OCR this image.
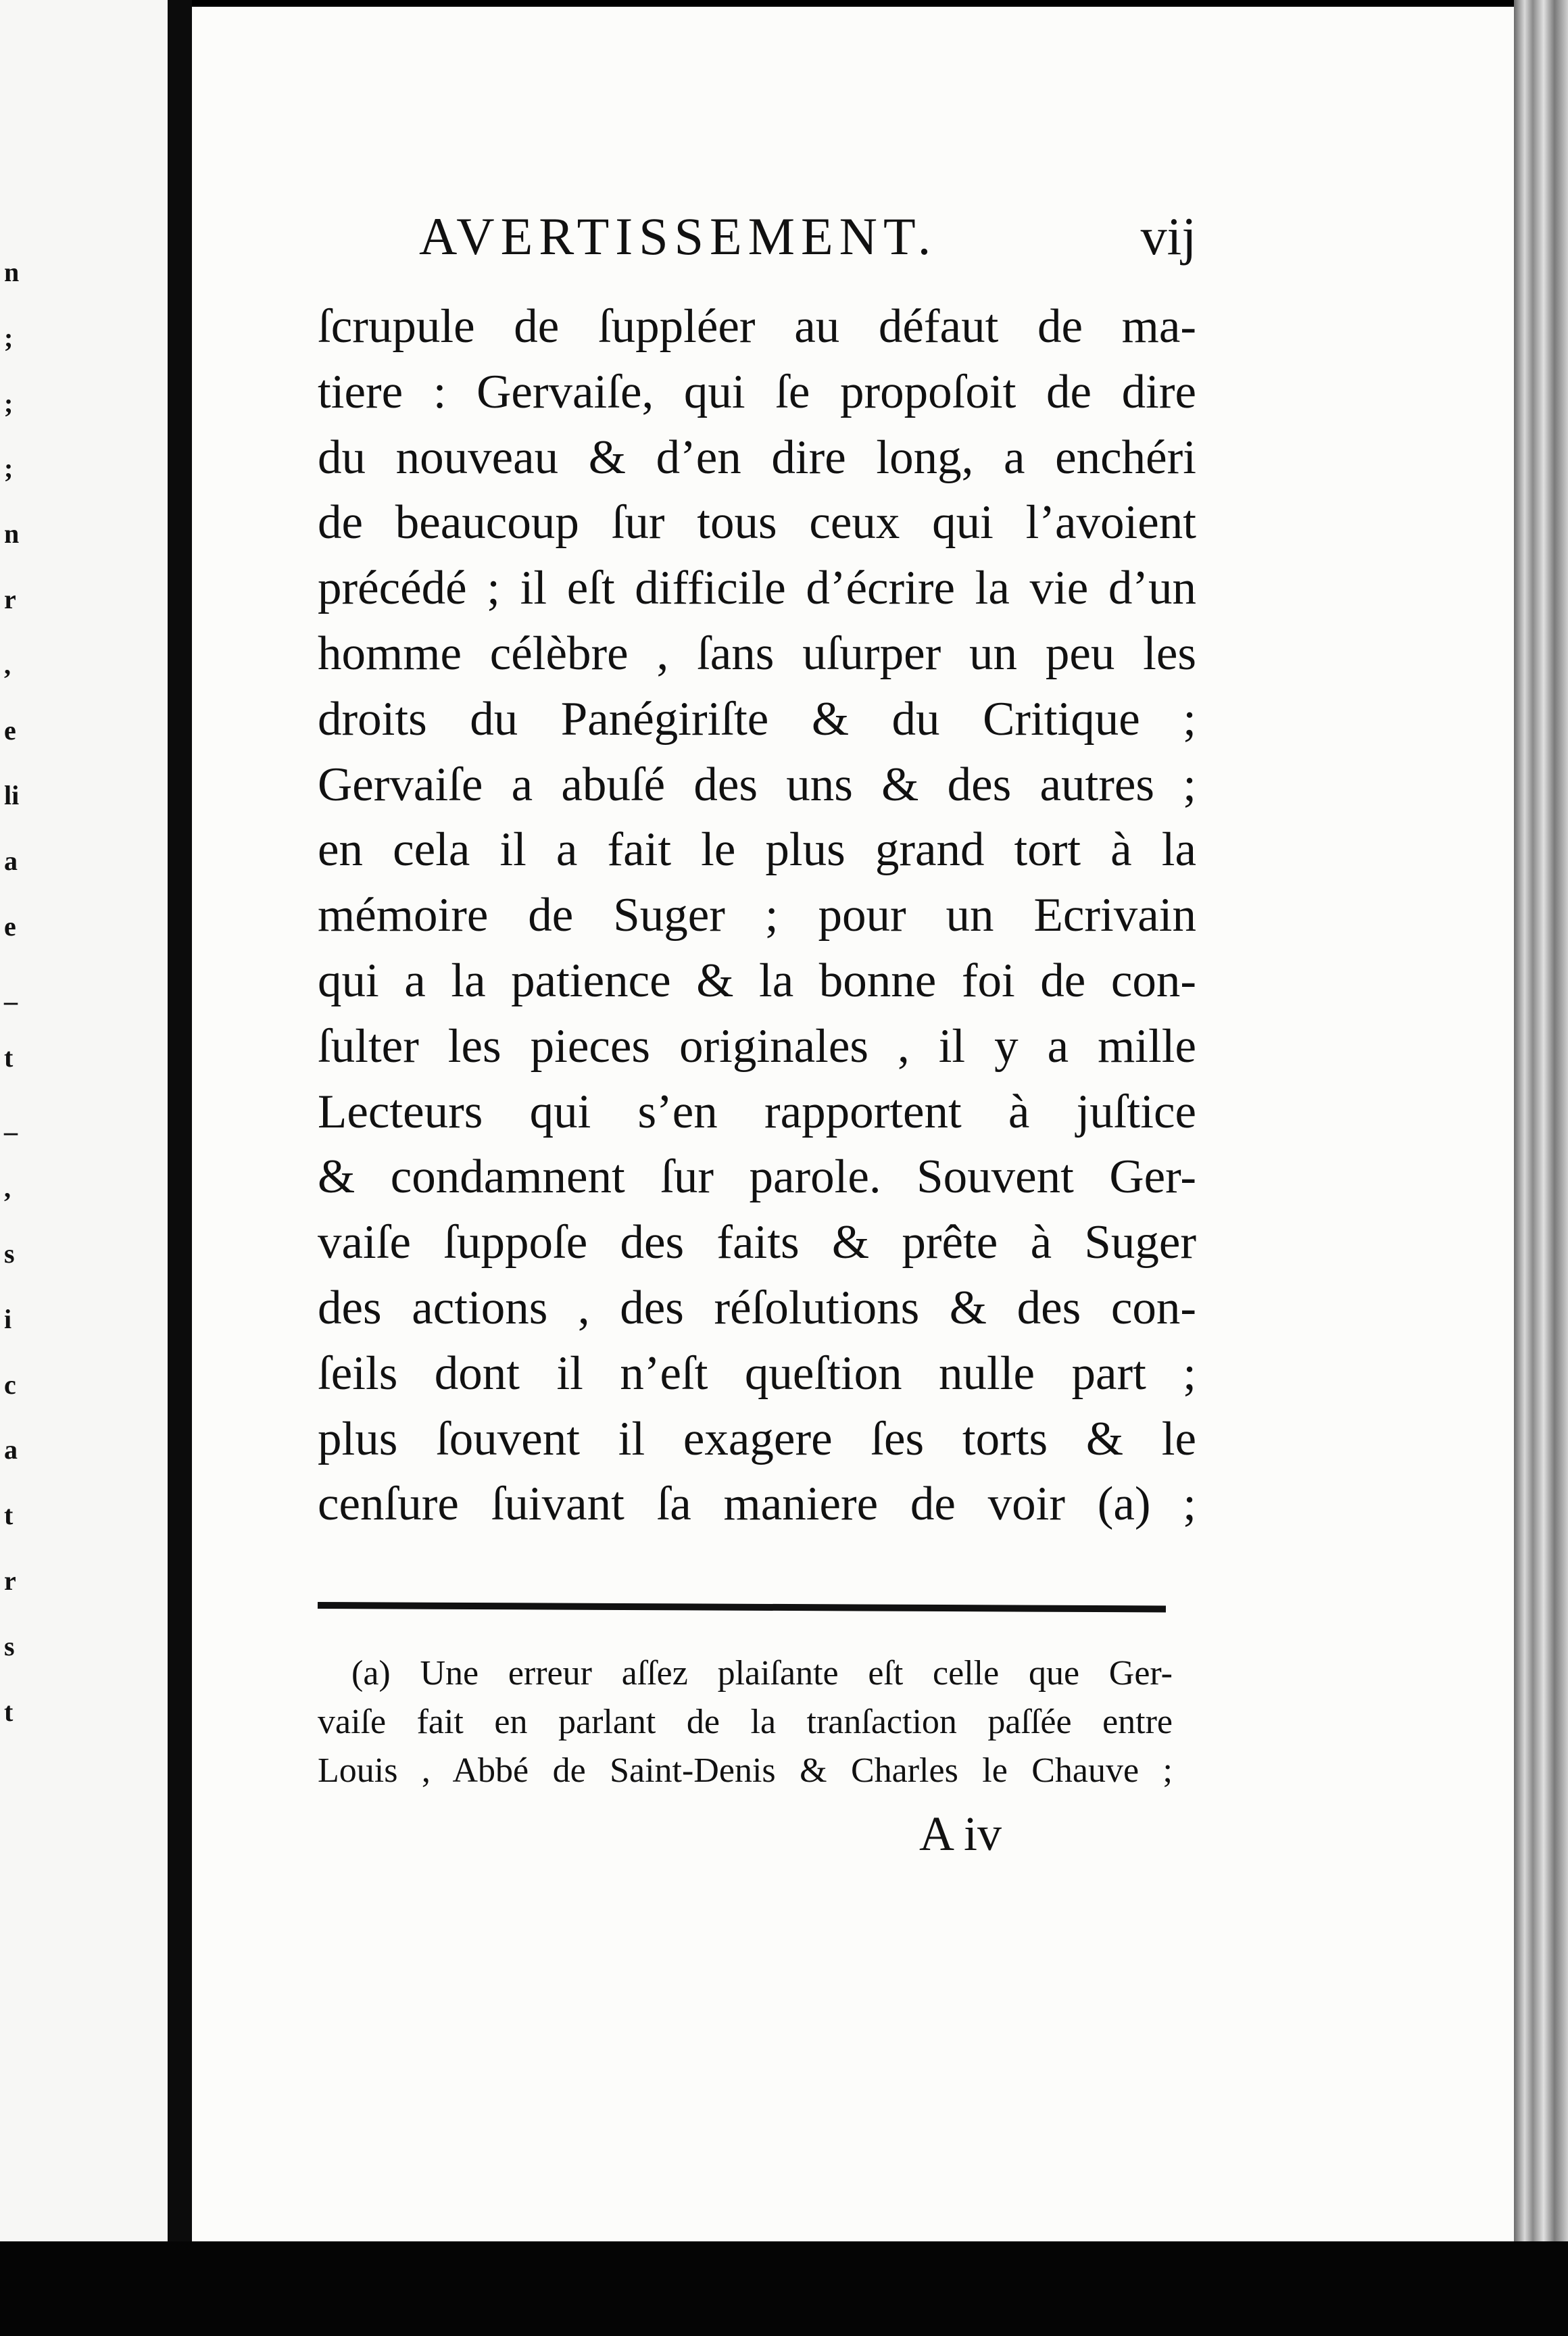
n
;
;
;
n
r
,
e
li
a
e
_
t
_
,
s
i
c
a
t
r
s
t
AVERTISSEMENT.	vij
ſcrupule de ſuppléer au défaut de ma-
tiere : Gervaiſe, qui ſe propoſoit de dire
du nouveau & d’en dire long, a enchéri
de beaucoup ſur tous ceux qui l’avoient
précédé ; il eſt difficile d’écrire la vie d’un
homme célèbre , ſans uſurper un peu les
droits du Panégiriſte & du Critique ;
Gervaiſe a abuſé des uns & des autres ;
en cela il a fait le plus grand tort à la
mémoire de Suger ; pour un Ecrivain
qui a la patience & la bonne foi de con-
ſulter les pieces originales , il y a mille
Lecteurs qui s’en rapportent à juſtice
& condamnent ſur parole. Souvent Ger-
vaiſe ſuppoſe des faits & prête à Suger
des actions , des réſolutions & des con-
ſeils dont il n’eſt queſtion nulle part ;
plus ſouvent il exagere ſes torts & le
cenſure ſuivant ſa maniere de voir (a) ;
(a) Une erreur aſſez plaiſante eſt celle que Ger-
vaiſe fait en parlant de la tranſaction paſſée entre
Louis , Abbé de Saint-Denis & Charles le Chauve ;
A iv
